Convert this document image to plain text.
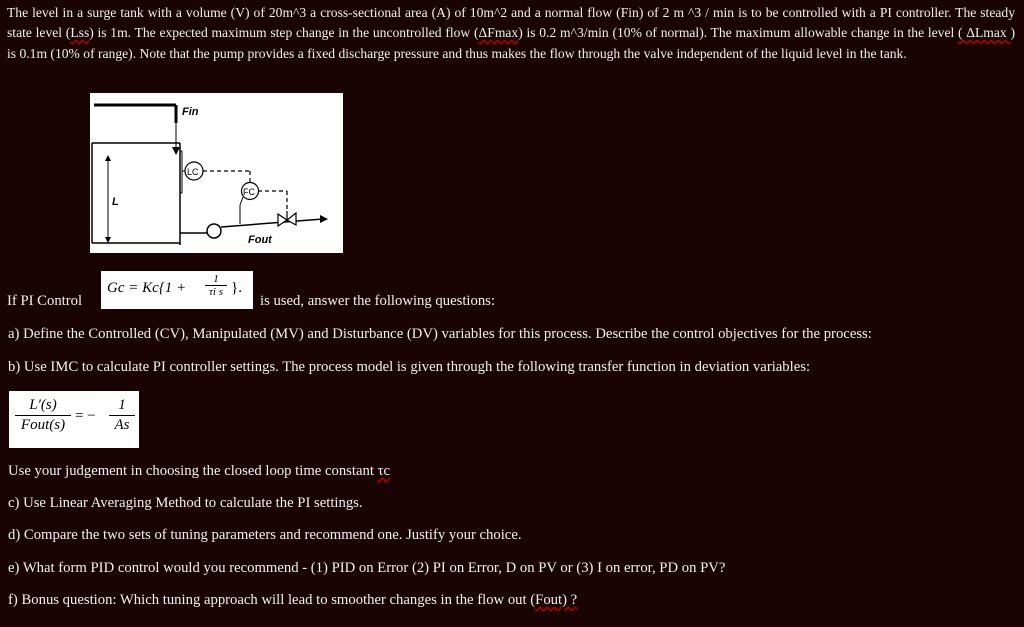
The level in a surge tank with a volume (V) of 20m^3 a cross-sectional area (A) of 10m^2 and a normal flow (Fin) of 2 m ^3 / min is to be controlled with a PI controller. The steady state level (Lss) is 1m. The expected maximum step change in the uncontrolled flow (ΔFmax) is 0.2 m^3/min (10% of normal). The maximum allowable change in the level ( ΔLmax ) is 0.1m (10% of range). Note that the pump provides a fixed discharge pressure and thus makes the flow through the valve independent of the liquid level in the tank.
Fin
L
LC
FC
Fout
$Gc = Kc\{1 + \frac{1}{\text{τi s}}$ }.
If PI Control	is used, answer the following questions:
a) Define the Controlled (CV), Manipulated (MV) and Disturbance (DV) variables for this process. Describe the control objectives for the process:
b) Use IMC to calculate PI controller settings. The process model is given through the following transfer function in deviation variables:
L′(s)
Fout(s)
= − $\frac{1}{As}$
Use your judgement in choosing the closed loop time constant τc
c) Use Linear Averaging Method to calculate the PI settings.
d) Compare the two sets of tuning parameters and recommend one. Justify your choice.
e) What form PID control would you recommend - (1) PID on Error (2) PI on Error, D on PV or (3) I on error, PD on PV?
f) Bonus question: Which tuning approach will lead to smoother changes in the flow out (Fout) ?
